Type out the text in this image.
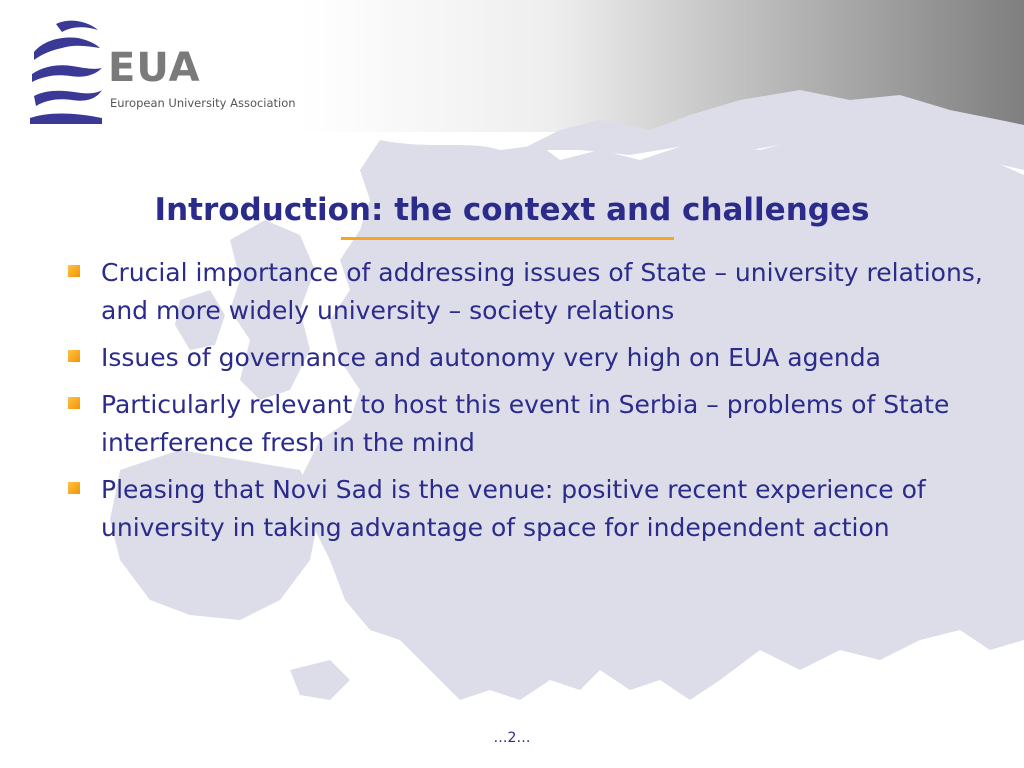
EUA
European University Association
Introduction: the context and challenges
Crucial importance of addressing issues of State – university relations, and more widely university – society relations
Issues of governance and autonomy very high on EUA agenda
Particularly relevant to host this event in Serbia – problems of State interference fresh in the mind
Pleasing that Novi Sad is the venue: positive recent experience of university in taking advantage of space for independent action
…2…
